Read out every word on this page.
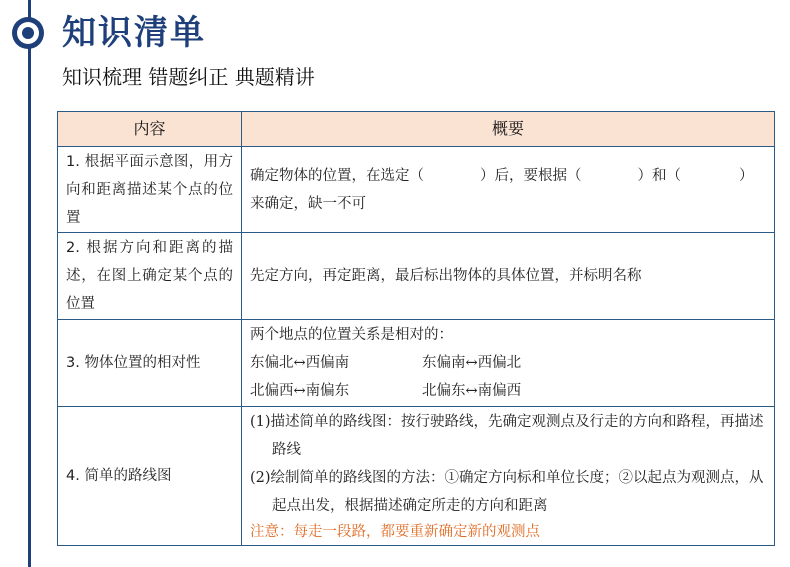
知识清单
知识梳理 错题纠正 典题精讲
内容	概要
1. 根据平面示意图，用方向和距离描述某个点的位置	确定物体的位置，在选定（ ）后，要根据（ ）和（ ）来确定，缺一不可
2. 根据方向和距离的描述，在图上确定某个点的位置	先定方向，再定距离，最后标出物体的具体位置，并标明名称
3. 物体位置的相对性	两个地点的位置关系是相对的：
东偏北↔西偏南 东偏南↔西偏北
北偏西↔南偏东 北偏东↔南偏西

4. 简单的路线图	(1)描述简单的路线图：按行驶路线，先确定观测点及行走的方向和路程，再描述路线
(2)绘制简单的路线图的方法：①确定方向标和单位长度；②以起点为观测点，从起点出发，根据描述确定所走的方向和距离
注意：每走一段路，都要重新确定新的观测点
